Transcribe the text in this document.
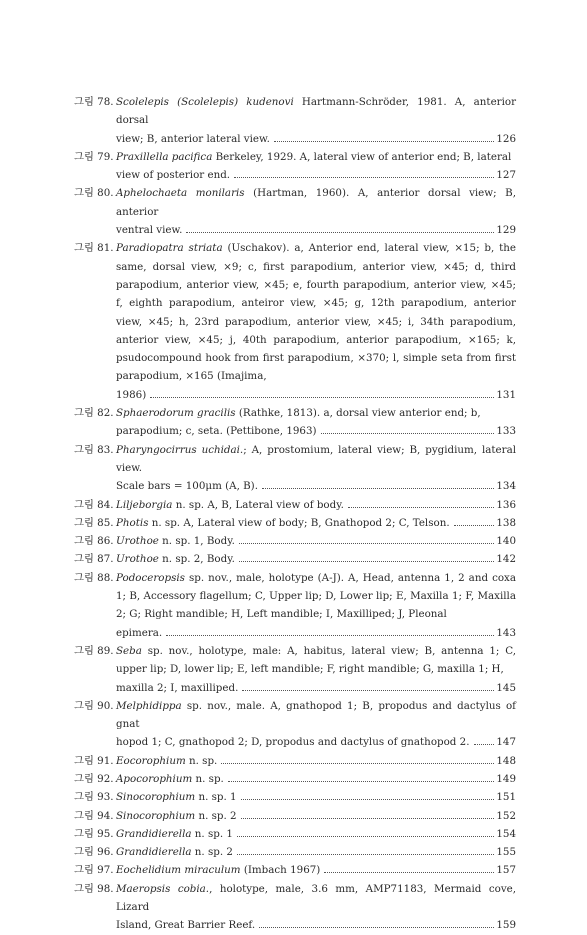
그림 78. Scolelepis (Scolelepis) kudenovi Hartmann-Schröder, 1981. A, anterior dorsal
view; B, anterior lateral view.	126
그림 79. Praxillella pacifica Berkeley, 1929. A, lateral view of anterior end; B, lateral
view of posterior end.	127
그림 80. Aphelochaeta monilaris (Hartman, 1960). A, anterior dorsal view; B, anterior
ventral view.	129
그림 81. Paradiopatra striata (Uschakov). a, Anterior end, lateral view, ×15; b, the same, dorsal view, ×9; c, first parapodium, anterior view, ×45; d, third parapodium, anterior view, ×45; e, fourth parapodium, anterior view, ×45; f, eighth parapodium, anteiror view, ×45; g, 12th parapodium, anterior view, ×45; h, 23rd parapodium, anterior view, ×45; i, 34th parapodium, anterior view, ×45; j, 40th parapodium, anterior parapodium, ×165; k, psudocompound hook from first parapodium, ×370; l, simple seta from first parapodium, ×165 (Imajima,
1986)	131
그림 82. Sphaerodorum gracilis (Rathke, 1813). a, dorsal view anterior end; b,
parapodium; c, seta. (Pettibone, 1963)	133
그림 83. Pharyngocirrus uchidai.; A, prostomium, lateral view; B, pygidium, lateral view.
Scale bars = 100μm (A, B).	134
그림 84. Liljeborgia n. sp. A, B, Lateral view of body.	136
그림 85. Photis n. sp. A, Lateral view of body; B, Gnathopod 2; C, Telson.	138
그림 86. Urothoe n. sp. 1, Body.	140
그림 87. Urothoe n. sp. 2, Body.	142
그림 88. Podoceropsis sp. nov., male, holotype (A-J). A, Head, antenna 1, 2 and coxa 1; B, Accessory flagellum; C, Upper lip; D, Lower lip; E, Maxilla 1; F, Maxilla 2; G; Right mandible; H, Left mandible; I, Maxilliped; J, Pleonal
epimera.	143
그림 89. Seba sp. nov., holotype, male: A, habitus, lateral view; B, antenna 1; C, upper lip; D, lower lip; E, left mandible; F, right mandible; G, maxilla 1; H,
maxilla 2; I, maxilliped.	145
그림 90. Melphidippa sp. nov., male. A, gnathopod 1; B, propodus and dactylus of gnat
hopod 1; C, gnathopod 2; D, propodus and dactylus of gnathopod 2.	147
그림 91. Eocorophium n. sp.	148
그림 92. Apocorophium n. sp.	149
그림 93. Sinocorophium n. sp. 1	151
그림 94. Sinocorophium n. sp. 2	152
그림 95. Grandidierella n. sp. 1	154
그림 96. Grandidierella n. sp. 2	155
그림 97. Eochelidium miraculum (Imbach 1967)	157
그림 98. Maeropsis cobia., holotype, male, 3.6 mm, AMP71183, Mermaid cove, Lizard
Island, Great Barrier Reef.	159
